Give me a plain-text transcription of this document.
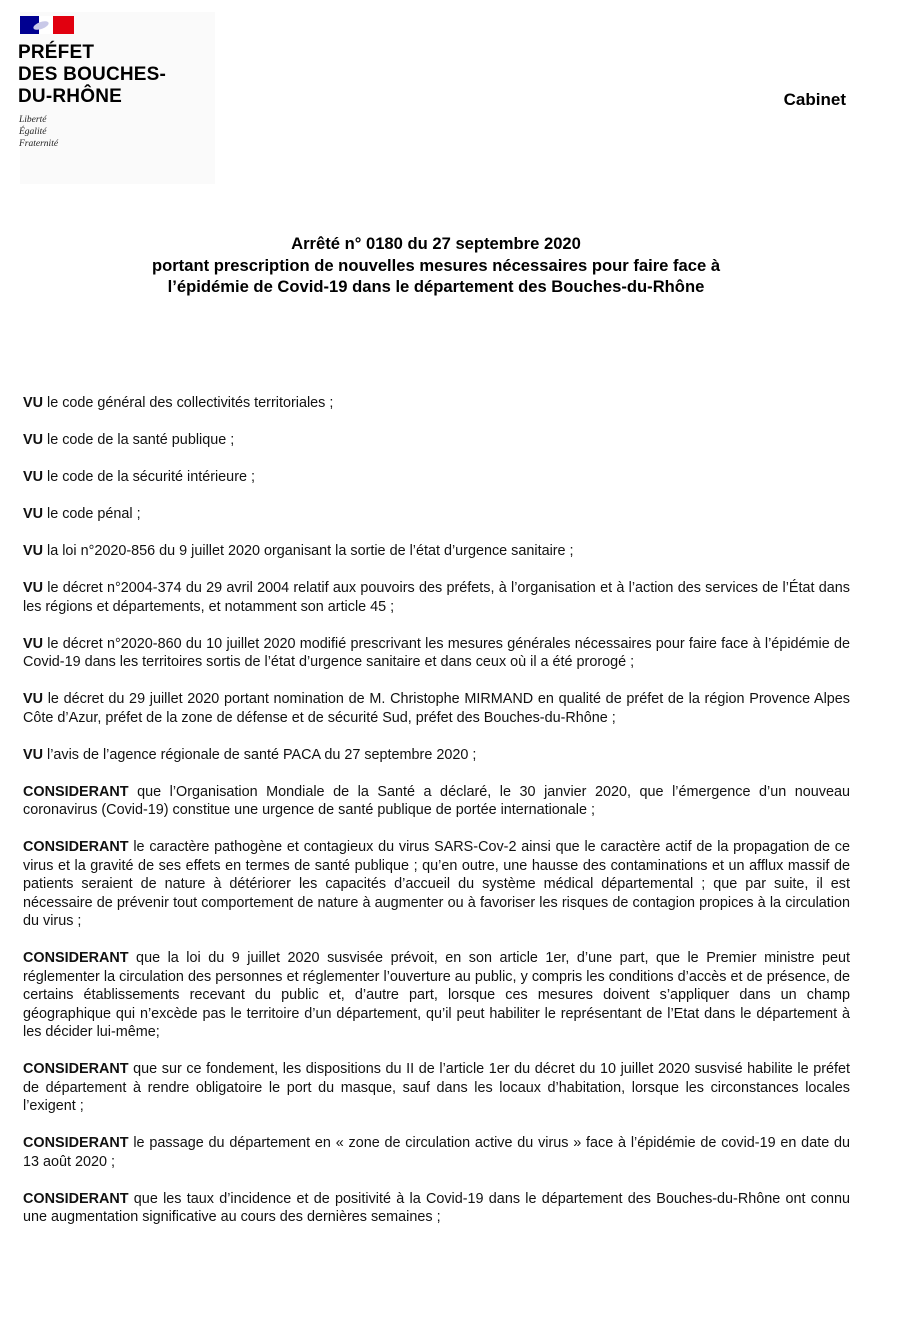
PRÉFET
DES BOUCHES-
DU-RHÔNE
Liberté
Égalité
Fraternité
Cabinet
Arrêté n° 0180 du 27 septembre 2020
portant prescription de nouvelles mesures nécessaires pour faire face à
l’épidémie de Covid-19 dans le département des Bouches-du-Rhône

VU le code général des collectivités territoriales ;

VU le code de la santé publique ;

VU le code de la sécurité intérieure ;

VU le code pénal ;

VU la loi n°2020-856 du 9 juillet 2020 organisant la sortie de l’état d’urgence sanitaire ;

VU le décret n°2004-374 du 29 avril 2004 relatif aux pouvoirs des préfets, à l’organisation et à l’action des services de l’État dans les régions et départements, et notamment son article 45 ;

VU le décret n°2020-860 du 10 juillet 2020 modifié prescrivant les mesures générales nécessaires pour faire face à l’épidémie de Covid-19 dans les territoires sortis de l’état d’urgence sanitaire et dans ceux où il a été prorogé ;

VU le décret du 29 juillet 2020 portant nomination de M. Christophe MIRMAND en qualité de préfet de la région Provence Alpes Côte d’Azur, préfet de la zone de défense et de sécurité Sud, préfet des Bouches-du-Rhône ;

VU l’avis de l’agence régionale de santé PACA du 27 septembre 2020 ;

CONSIDERANT que l’Organisation Mondiale de la Santé a déclaré, le 30 janvier 2020, que l’émergence d’un nouveau coronavirus (Covid-19) constitue une urgence de santé publique de portée internationale ;

CONSIDERANT le caractère pathogène et contagieux du virus SARS-Cov-2 ainsi que le caractère actif de la propagation de ce virus et la gravité de ses effets en termes de santé publique ; qu’en outre, une hausse des contaminations et un afflux massif de patients seraient de nature à détériorer les capacités d’accueil du système médical départemental ; que par suite, il est nécessaire de prévenir tout comportement de nature à augmenter ou à favoriser les risques de contagion propices à la circulation du virus ;

CONSIDERANT que la loi du 9 juillet 2020 susvisée prévoit, en son article 1er, d’une part, que le Premier ministre peut réglementer la circulation des personnes et réglementer l’ouverture au public, y compris les conditions d’accès et de présence, de certains établissements recevant du public et, d’autre part, lorsque ces mesures doivent s’appliquer dans un champ géographique qui n’excède pas le territoire d’un département, qu’il peut habiliter le représentant de l’Etat dans le département à les décider lui-même;

CONSIDERANT que sur ce fondement, les dispositions du II de l’article 1er du décret du 10 juillet 2020 susvisé habilite le préfet de département à rendre obligatoire le port du masque, sauf dans les locaux d’habitation, lorsque les circonstances locales l’exigent ;

CONSIDERANT le passage du département en « zone de circulation active du virus » face à l’épidémie de covid-19 en date du 13 août 2020 ;

CONSIDERANT que les taux d’incidence et de positivité à la Covid-19 dans le département des Bouches-du-Rhône ont connu une augmentation significative au cours des dernières semaines ;
